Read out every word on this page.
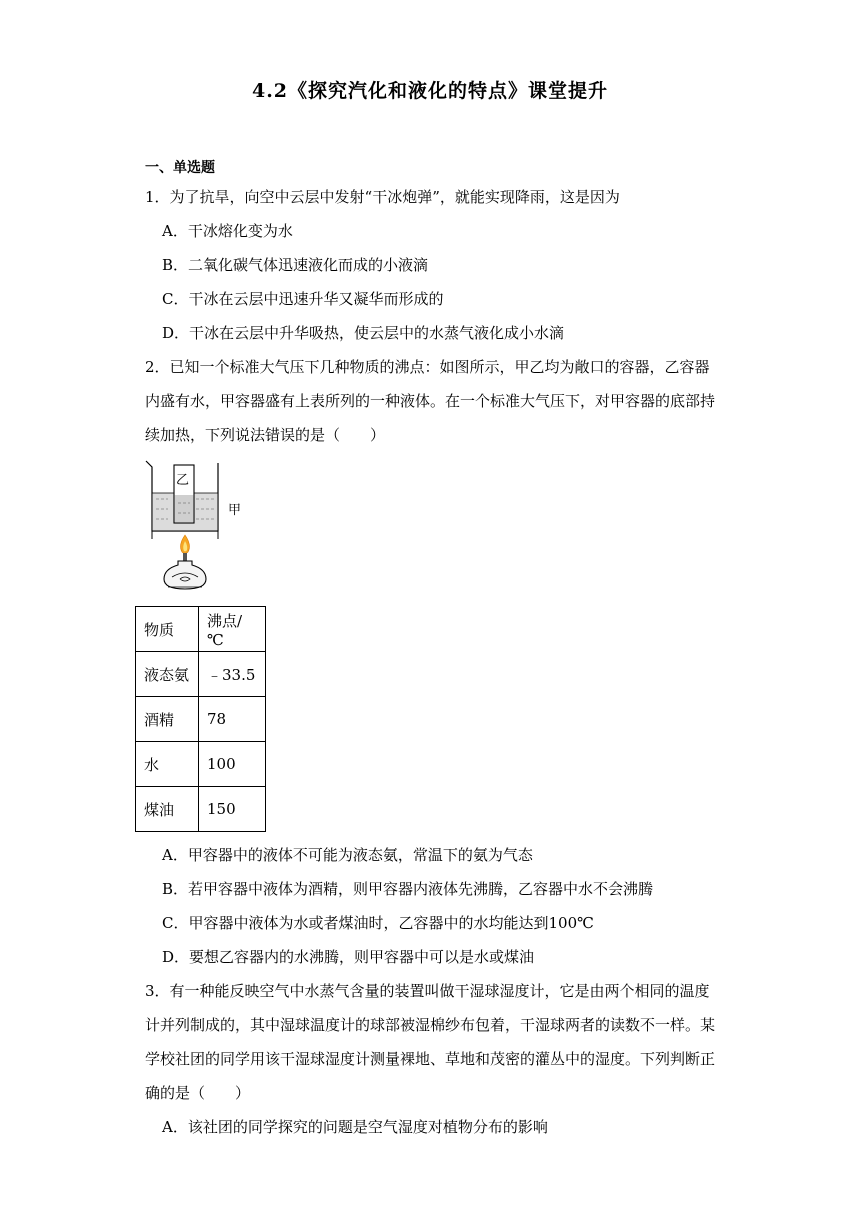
4.2《探究汽化和液化的特点》课堂提升
一、单选题
1．为了抗旱，向空中云层中发射“干冰炮弹”，就能实现降雨，这是因为
A．干冰熔化变为水
B．二氧化碳气体迅速液化而成的小液滴
C．干冰在云层中迅速升华又凝华而形成的
D．干冰在云层中升华吸热，使云层中的水蒸气液化成小水滴
2．已知一个标准大气压下几种物质的沸点：如图所示，甲乙均为敞口的容器，乙容器
内盛有水，甲容器盛有上表所列的一种液体。在一个标准大气压下，对甲容器的底部持
续加热，下列说法错误的是（　　）
乙
甲
物质	沸点/℃
液态氨	﹣33.5
酒精	78
水	100
煤油	150
A．甲容器中的液体不可能为液态氨，常温下的氨为气态
B．若甲容器中液体为酒精，则甲容器内液体先沸腾，乙容器中水不会沸腾
C．甲容器中液体为水或者煤油时，乙容器中的水均能达到100℃
D．要想乙容器内的水沸腾，则甲容器中可以是水或煤油
3．有一种能反映空气中水蒸气含量的装置叫做干湿球湿度计，它是由两个相同的温度
计并列制成的，其中湿球温度计的球部被湿棉纱布包着，干湿球两者的读数不一样。某
学校社团的同学用该干湿球湿度计测量裸地、草地和茂密的灌丛中的湿度。下列判断正
确的是（　　）
A．该社团的同学探究的问题是空气湿度对植物分布的影响
